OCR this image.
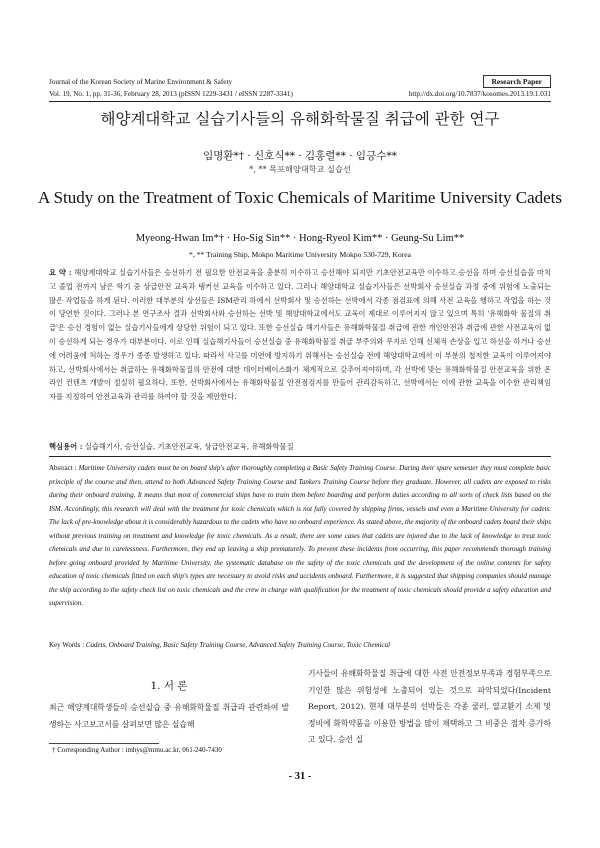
Journal of the Korean Society of Marine Environment & Safety	Research Paper
Vol. 19, No. 1, pp. 31-36, February 28, 2013 (pISSN 1229-3431 / eISSN 2287-3341)	http://dx.doi.org/10.7837/kosomes.2013.19.1.031
해양계대학교 실습기사들의 유해화학물질 취급에 관한 연구
임명환*† · 신호식** · 김홍렬** · 임긍수**
*, ** 목포해양대학교 실습선
A Study on the Treatment of Toxic Chemicals of Maritime University Cadets
Myeong-Hwan Im*† · Ho-Sig Sin** · Hong-Ryeol Kim** · Geung-Su Lim**
*, ** Training Ship, Mokpo Maritime University Mokpo 530-729, Korea
요 약 : 해양계대학교 실습기사들은 승선하기 전 필요한 안전교육을 충분히 이수하고 승선해야 되지만 기초안전교육만 이수하고 승선을 하며 승선실습을 마치고 졸업 전까지 남은 학기 중 상급안전 교육과 탱커선 교육을 이수하고 있다. 그러나 해양대학교 실습기사들은 선박회사 승선실습 과정 중에 위험에 노출되는 많은 작업들을 하게 된다. 이러한 대부분의 상선들은 ISM관리 하에서 선박회사 및 승선하는 선박에서 각종 점검표에 의해 사전 교육을 행하고 작업을 하는 것이 당연한 것이다. 그러나 본 연구조사 결과 선박회사와 승선하는 선박 및 해양대학교에서도 교육이 제대로 이루어지지 않고 있으며 특히 '유해화학 물질의 취급'은 승선 경험이 없는 실습기사들에게 상당한 위험이 되고 있다. 또한 승선실습 해기사들은 유해화학물질 취급에 관한 개인안전과 취급에 관한 사전교육이 없이 승선하게 되는 경우가 대부분이다. 이로 인해 실습해기사들이 승선실습 중 유해화학물질 취급 부주의와 무지로 인해 신체적 손상을 입고 하선을 하거나 승선에 어려움에 처하는 경우가 종종 발생하고 있다. 따라서 사고를 미연에 방지하기 위해서는 승선실습 전에 해양대학교에서 이 부분의 철저한 교육이 이루어져야 하고, 선박회사에서는 취급하는 유해화학물질의 안전에 대한 데이터베이스화가 체계적으로 갖추어져야하며, 각 선박에 맞는 유해화학물질 안전교육을 위한 온라인 컨텐츠 개발이 절실히 필요하다. 또한, 선박회사에서는 유해화학물질 안전점검지를 만들어 관리감독하고, 선박에서는 이에 관한 교육을 이수한 관리책임자를 지정하여 안전교육과 관리를 하여야 할 것을 제안한다.
핵심용어 : 실습해기사, 승선실습, 기초안전교육, 상급안전교육, 유해화학물질
Abstract : Maritime University cadets must be on board ship's after thoroughly completing a Basic Safety Training Course. During their spare semester they must complete basic principle of the course and then, attend to both Advanced Safety Training Course and Tankers Training Course before they graduate. However, all cadets are exposed to risks during their onboard training. It means that most of commercial ships have to train them before boarding and perform duties according to all sorts of check lists based on the ISM. Accordingly, this research will deal with the treatment for toxic chemicals which is not fully covered by shipping firms, vessels and even a Maritime University for cadets. The lack of pre-knowledge about it is considerably hazardous to the cadets who have no onboard experience. As stated above, the majority of the onboard cadets board their ships without previous training on treatment and knowledge for toxic chemicals. As a result, there are some cases that cadets are injured due to the lack of knowledge to treat toxic chemicals and due to carelessness. Furthermore, they end up leaving a ship prematurely. To prevent these incidents from occurring, this paper recommends thorough training before going onboard provided by Maritime University, the systematic database on the safety of the toxic chemicals and the development of the online contents for safety education of toxic chemicals fitted on each ship's types are necessary to avoid risks and accidents onboard. Furthermore, it is suggested that shipping companies should manage the ship according to the safety check list on toxic chemicals and the crew in charge with qualification for the treatment of toxic chemicals should provide a safety education and supervision.
Key Words : Cadets, Onboard Training, Basic Safety Training Course, Advanced Safety Training Course, Toxic Chemical
1. 서 론
최근 해양계대학생들의 승선실습 중 유해화학물질 취급과 관련하여 발생하는 사고보고서를 살펴보면 많은 실습해
기사들이 유해화학물질 취급에 대한 사전 안전정보부족과 경험부족으로 기인한 많은 위험성에 노출되어 있는 것으로 파악되었다(Incident Report, 2012). 현재 대부분의 선박들은 각종 쿨러, 열교환기 소제 및 정비에 화학약품을 이용한 방법을 많이 채택하고 그 비중은 점차 증가하고 있다. 승선 실
† Corresponding Author : imhys@mmu.ac.kr, 061-240-7430
- 31 -
